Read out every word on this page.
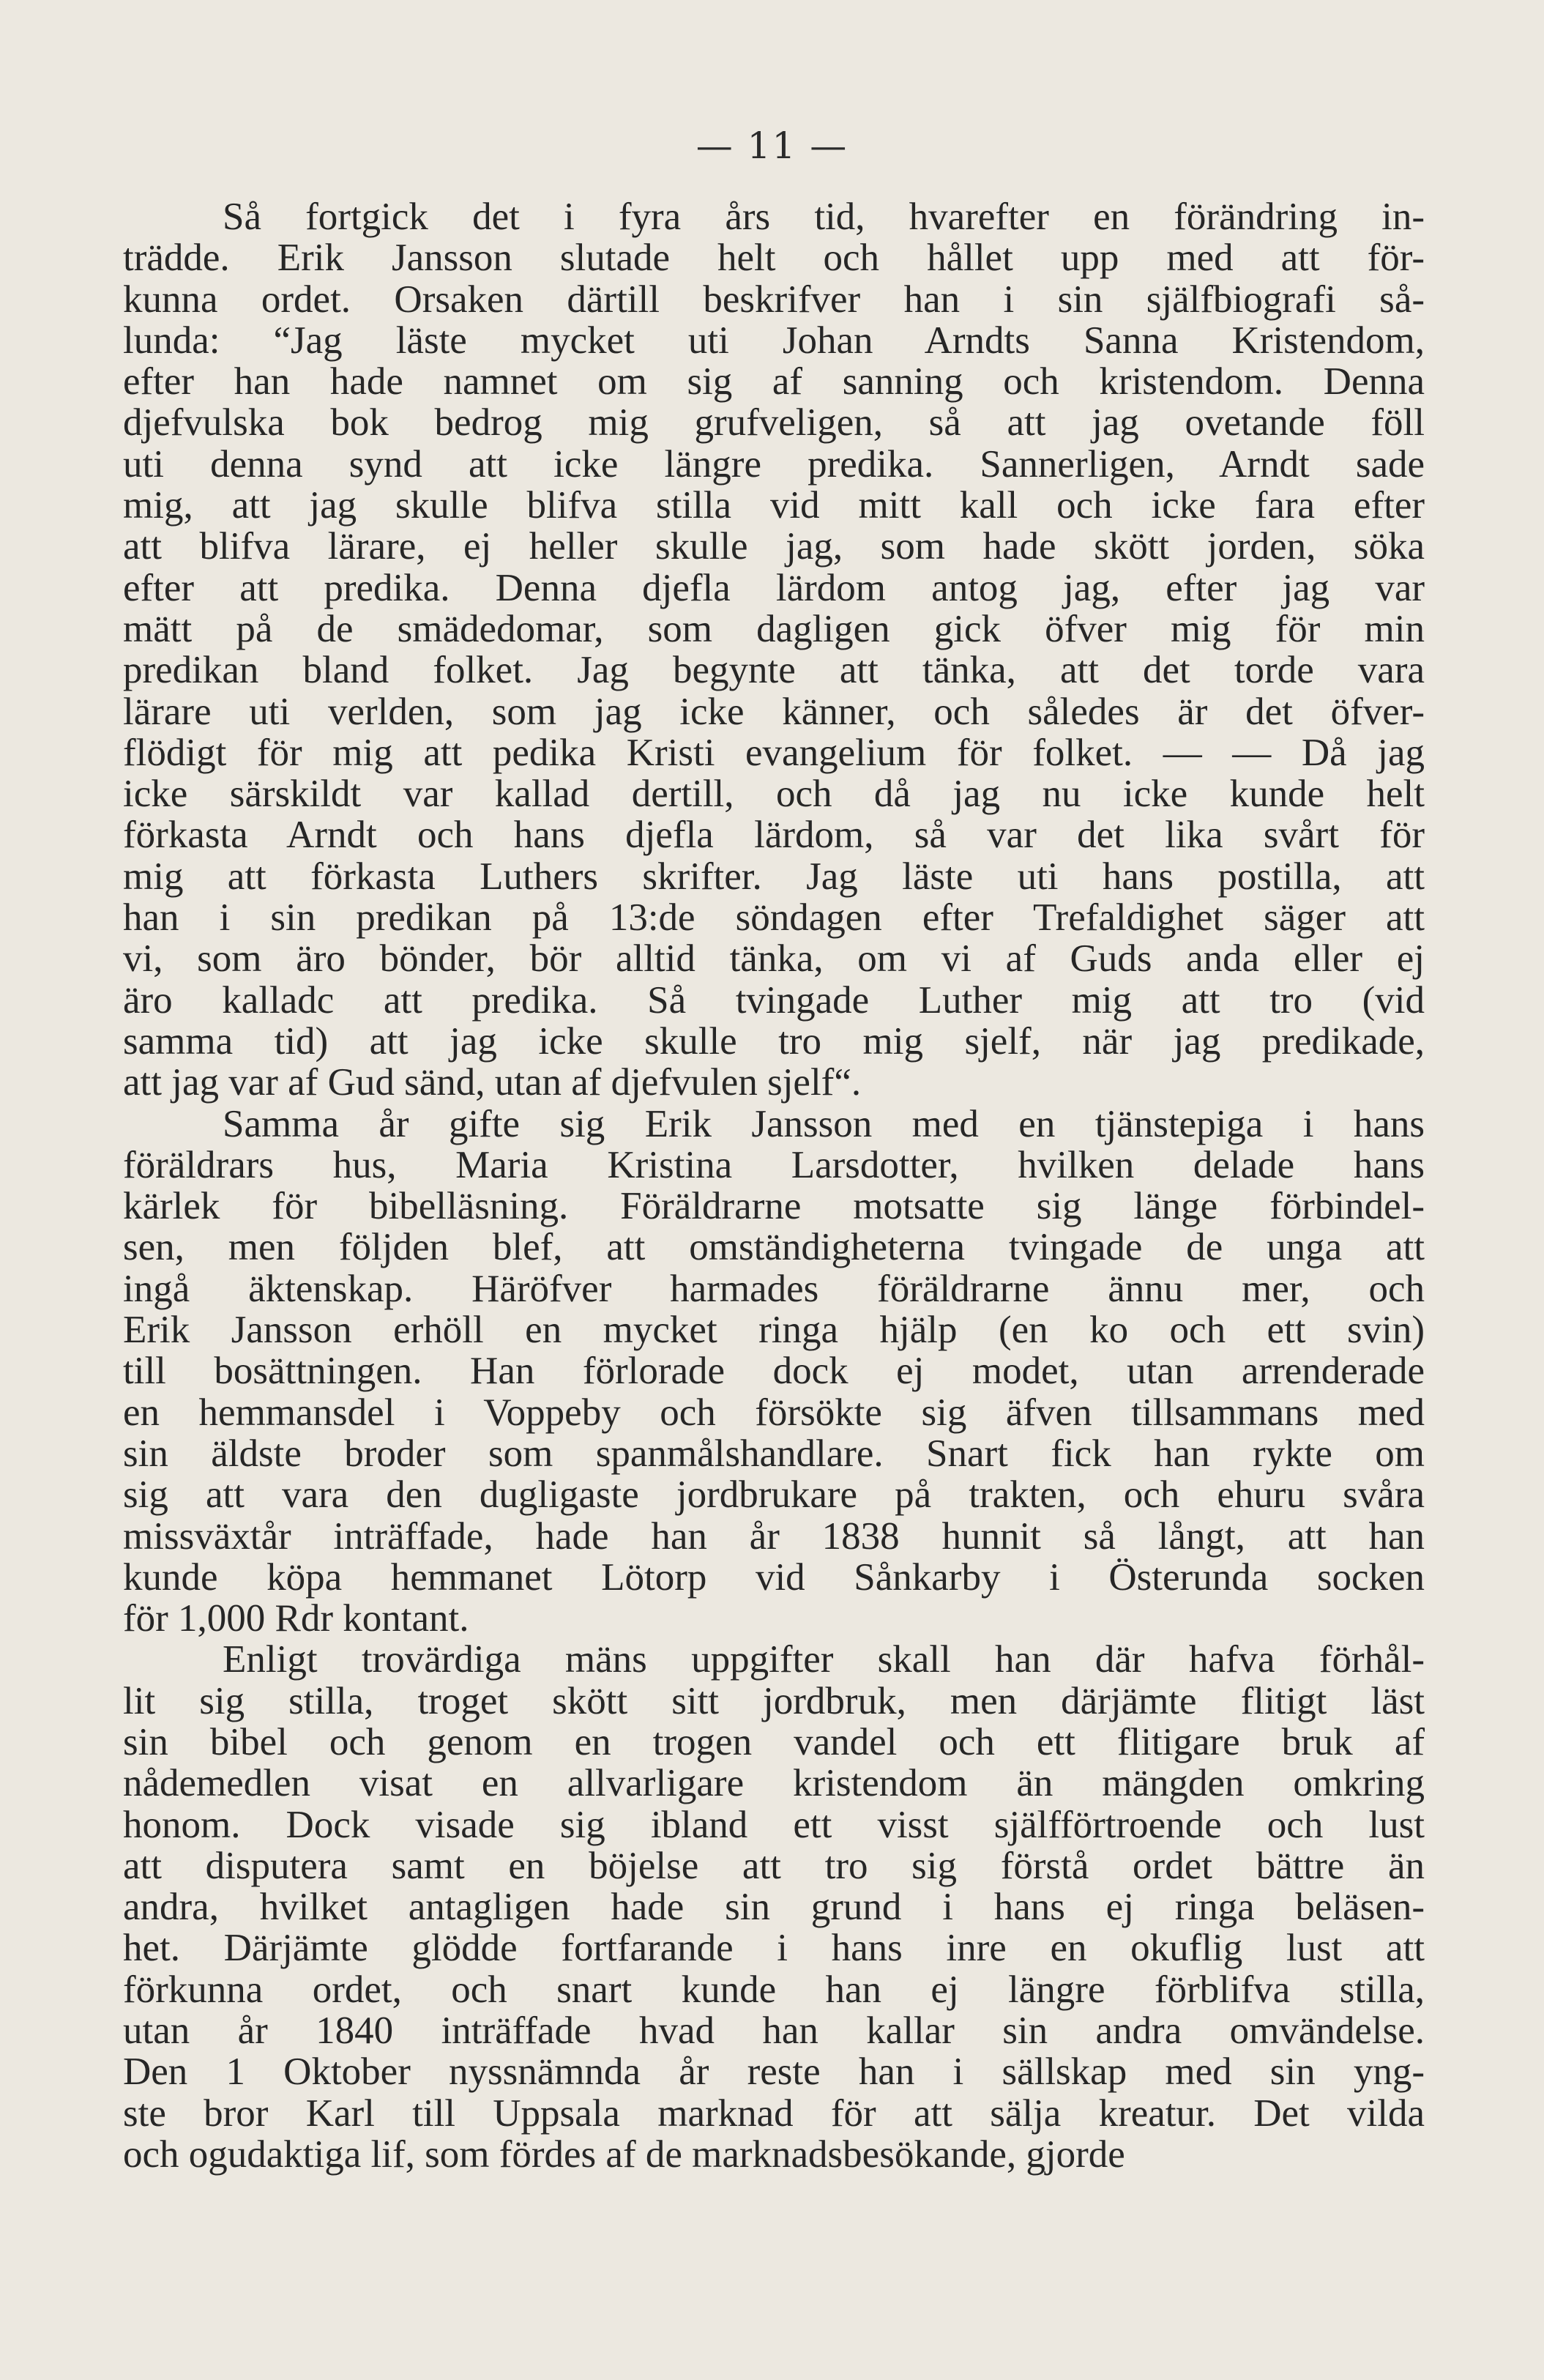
— 11 —
Så fortgick det i fyra års tid, hvarefter en förändring in-
trädde. Erik Jansson slutade helt och hållet upp med att för-
kunna ordet. Orsaken därtill beskrifver han i sin själfbiografi så-
lunda: “Jag läste mycket uti Johan Arndts Sanna Kristendom,
efter han hade namnet om sig af sanning och kristendom. Denna
djefvulska bok bedrog mig grufveligen, så att jag ovetande föll
uti denna synd att icke längre predika. Sannerligen, Arndt sade
mig, att jag skulle blifva stilla vid mitt kall och icke fara efter
att blifva lärare, ej heller skulle jag, som hade skött jorden, söka
efter att predika. Denna djefla lärdom antog jag, efter jag var
mätt på de smädedomar, som dagligen gick öfver mig för min
predikan bland folket. Jag begynte att tänka, att det torde vara
lärare uti verlden, som jag icke känner, och således är det öfver-
flödigt för mig att pedika Kristi evangelium för folket. — — Då jag
icke särskildt var kallad dertill, och då jag nu icke kunde helt
förkasta Arndt och hans djefla lärdom, så var det lika svårt för
mig att förkasta Luthers skrifter. Jag läste uti hans postilla, att
han i sin predikan på 13:de söndagen efter Trefaldighet säger att
vi, som äro bönder, bör alltid tänka, om vi af Guds anda eller ej
äro kalladc att predika. Så tvingade Luther mig att tro (vid
samma tid) att jag icke skulle tro mig sjelf, när jag predikade,
att jag var af Gud sänd, utan af djefvulen sjelf“.
Samma år gifte sig Erik Jansson med en tjänstepiga i hans
föräldrars hus, Maria Kristina Larsdotter, hvilken delade hans
kärlek för bibelläsning. Föräldrarne motsatte sig länge förbindel-
sen, men följden blef, att omständigheterna tvingade de unga att
ingå äktenskap. Häröfver harmades föräldrarne ännu mer, och
Erik Jansson erhöll en mycket ringa hjälp (en ko och ett svin)
till bosättningen. Han förlorade dock ej modet, utan arrenderade
en hemmansdel i Voppeby och försökte sig äfven tillsammans med
sin äldste broder som spanmålshandlare. Snart fick han rykte om
sig att vara den dugligaste jordbrukare på trakten, och ehuru svåra
missväxtår inträffade, hade han år 1838 hunnit så långt, att han
kunde köpa hemmanet Lötorp vid Sånkarby i Österunda socken
för 1,000 Rdr kontant.
Enligt trovärdiga mäns uppgifter skall han där hafva förhål-
lit sig stilla, troget skött sitt jordbruk, men därjämte flitigt läst
sin bibel och genom en trogen vandel och ett flitigare bruk af
nådemedlen visat en allvarligare kristendom än mängden omkring
honom. Dock visade sig ibland ett visst själfförtroende och lust
att disputera samt en böjelse att tro sig förstå ordet bättre än
andra, hvilket antagligen hade sin grund i hans ej ringa beläsen-
het. Därjämte glödde fortfarande i hans inre en okuflig lust att
förkunna ordet, och snart kunde han ej längre förblifva stilla,
utan år 1840 inträffade hvad han kallar sin andra omvändelse.
Den 1 Oktober nyssnämnda år reste han i sällskap med sin yng-
ste bror Karl till Uppsala marknad för att sälja kreatur. Det vilda
och ogudaktiga lif, som fördes af de marknadsbesökande, gjorde
